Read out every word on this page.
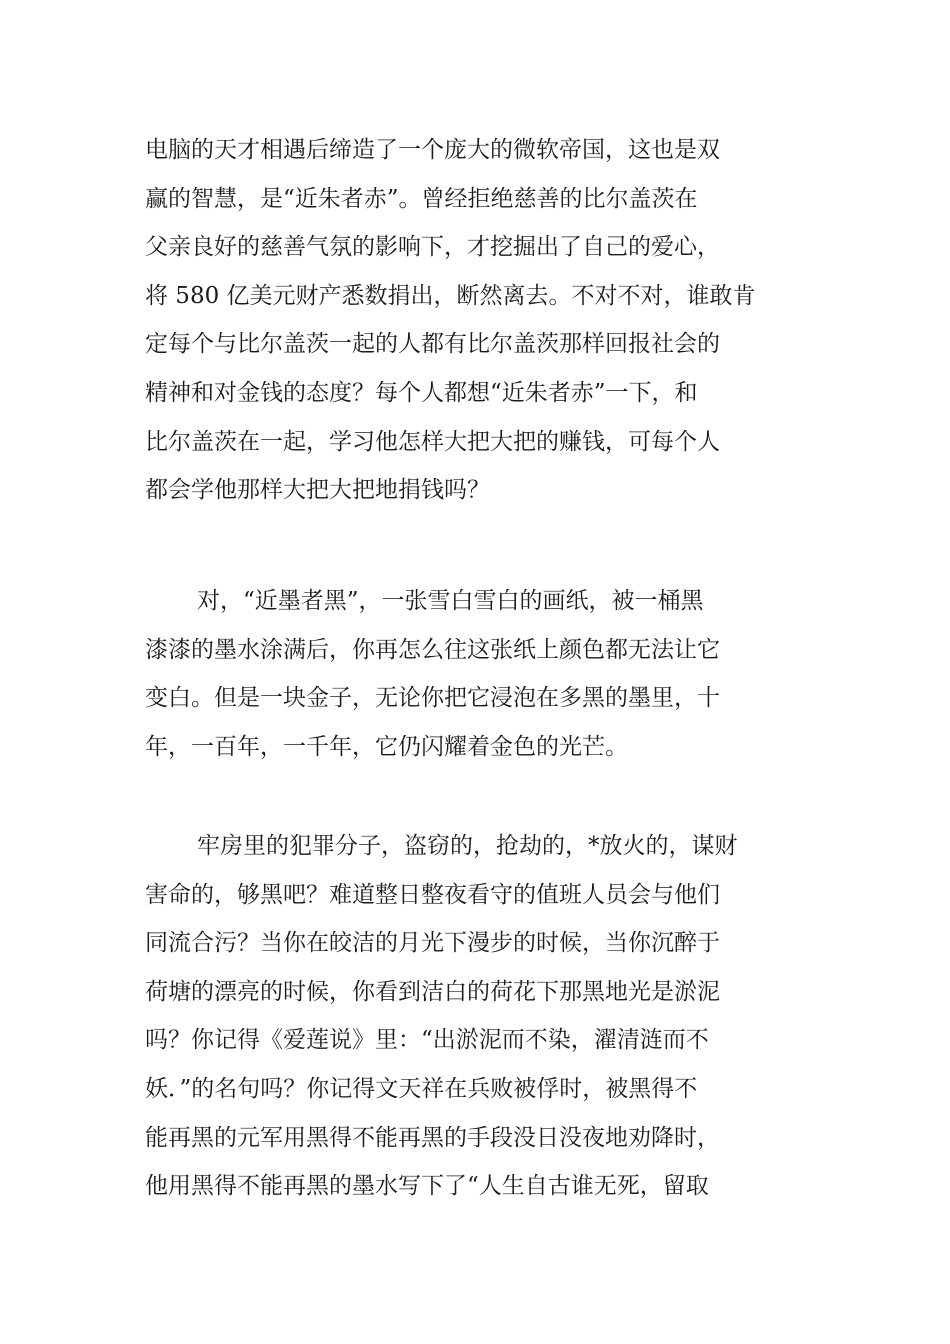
电脑的天才相遇后缔造了一个庞大的微软帝国，这也是双
赢的智慧，是“近朱者赤”。曾经拒绝慈善的比尔盖茨在
父亲良好的慈善气氛的影响下，才挖掘出了自己的爱心，
将 580 亿美元财产悉数捐出，断然离去。不对不对，谁敢肯
定每个与比尔盖茨一起的人都有比尔盖茨那样回报社会的
精神和对金钱的态度？每个人都想“近朱者赤”一下，和
比尔盖茨在一起，学习他怎样大把大把的赚钱，可每个人
都会学他那样大把大把地捐钱吗？
对，“近墨者黑”，一张雪白雪白的画纸，被一桶黑
漆漆的墨水涂满后，你再怎么往这张纸上颜色都无法让它
变白。但是一块金子，无论你把它浸泡在多黑的墨里，十
年，一百年，一千年，它仍闪耀着金色的光芒。
牢房里的犯罪分子，盗窃的，抢劫的，*放火的，谋财
害命的，够黑吧？难道整日整夜看守的值班人员会与他们
同流合污？当你在皎洁的月光下漫步的时候，当你沉醉于
荷塘的漂亮的时候，你看到洁白的荷花下那黑地光是淤泥
吗？你记得《爱莲说》里：“出淤泥而不染，濯清涟而不
妖．”的名句吗？你记得文天祥在兵败被俘时，被黑得不
能再黑的元军用黑得不能再黑的手段没日没夜地劝降时，
他用黑得不能再黑的墨水写下了“人生自古谁无死，留取
